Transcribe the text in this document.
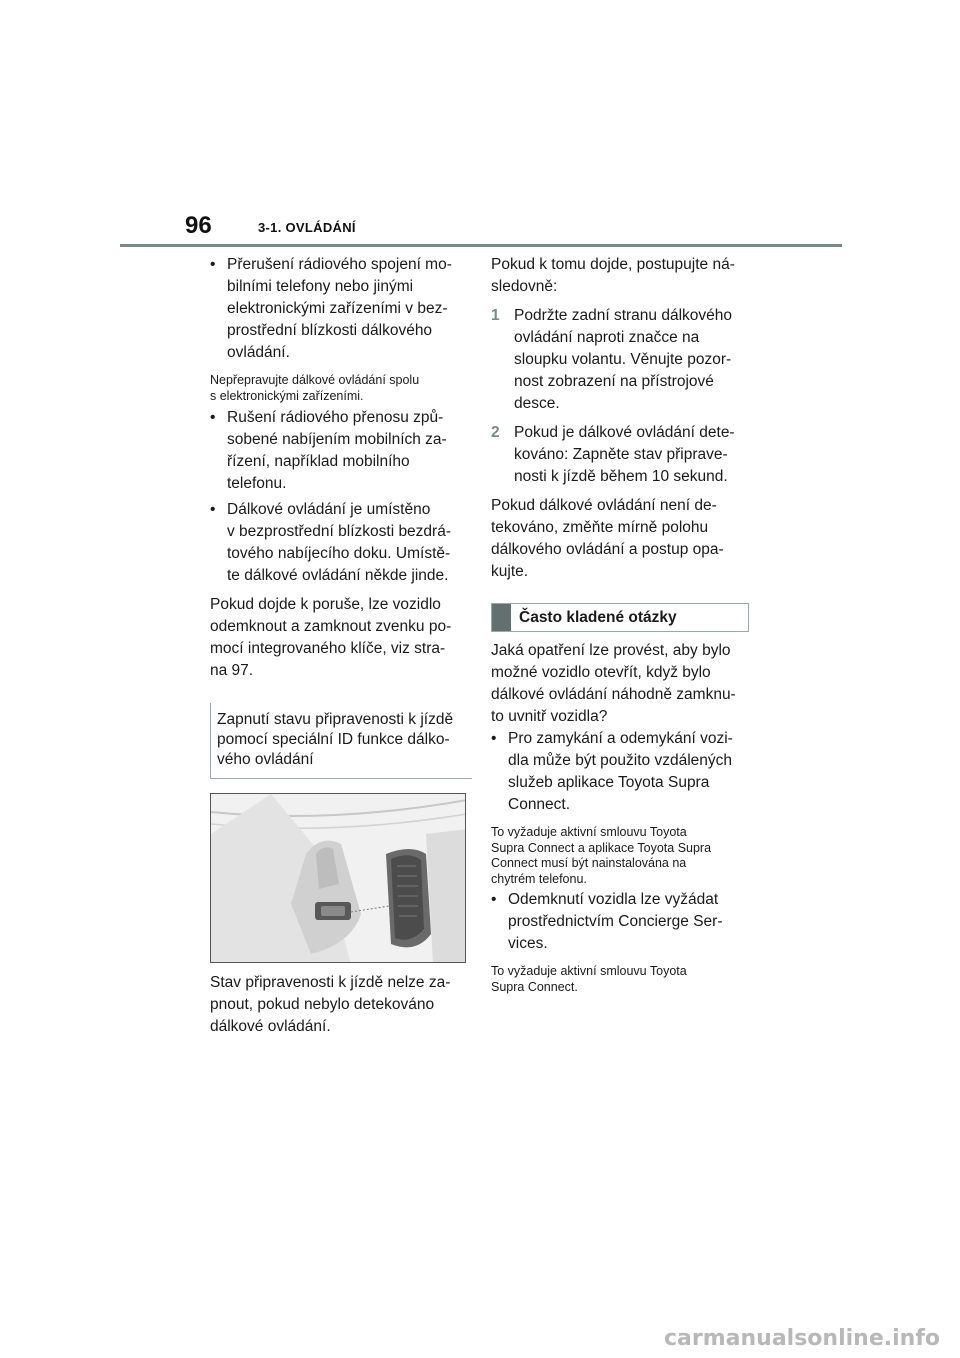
96	3-1. OVLÁDÁNÍ
• Přerušení rádiového spojení mo-
bilními telefony nebo jinými
elektronickými zařízeními v bez-
prostřední blízkosti dálkového
ovládání.
Nepřepravujte dálkové ovládání spolu
s elektronickými zařízeními.
• Rušení rádiového přenosu způ-
sobené nabíjením mobilních za-
řízení, například mobilního
telefonu.
• Dálkové ovládání je umístěno
v bezprostřední blízkosti bezdrá-
tového nabíjecího doku. Umístě-
te dálkové ovládání někde jinde.
Pokud dojde k poruše, lze vozidlo
odemknout a zamknout zvenku po-
mocí integrovaného klíče, viz stra-
na 97.
Zapnutí stavu připravenosti k jízdě
pomocí speciální ID funkce dálko-
vého ovládání
Stav připravenosti k jízdě nelze za-
pnout, pokud nebylo detekováno
dálkové ovládání.
Pokud k tomu dojde, postupujte ná-
sledovně:
1 Podržte zadní stranu dálkového
ovládání naproti značce na
sloupku volantu. Věnujte pozor-
nost zobrazení na přístrojové
desce.
2 Pokud je dálkové ovládání dete-
kováno: Zapněte stav připrave-
nosti k jízdě během 10 sekund.
Pokud dálkové ovládání není de-
tekováno, změňte mírně polohu
dálkového ovládání a postup opa-
kujte.
Často kladené otázky
Jaká opatření lze provést, aby bylo
možné vozidlo otevřít, když bylo
dálkové ovládání náhodně zamknu-
to uvnitř vozidla?
• Pro zamykání a odemykání vozi-
dla může být použito vzdálených
služeb aplikace Toyota Supra
Connect.
To vyžaduje aktivní smlouvu Toyota
Supra Connect a aplikace Toyota Supra
Connect musí být nainstalována na
chytrém telefonu.
• Odemknutí vozidla lze vyžádat
prostřednictvím Concierge Ser-
vices.
To vyžaduje aktivní smlouvu Toyota
Supra Connect.
carmanualsonline.info
